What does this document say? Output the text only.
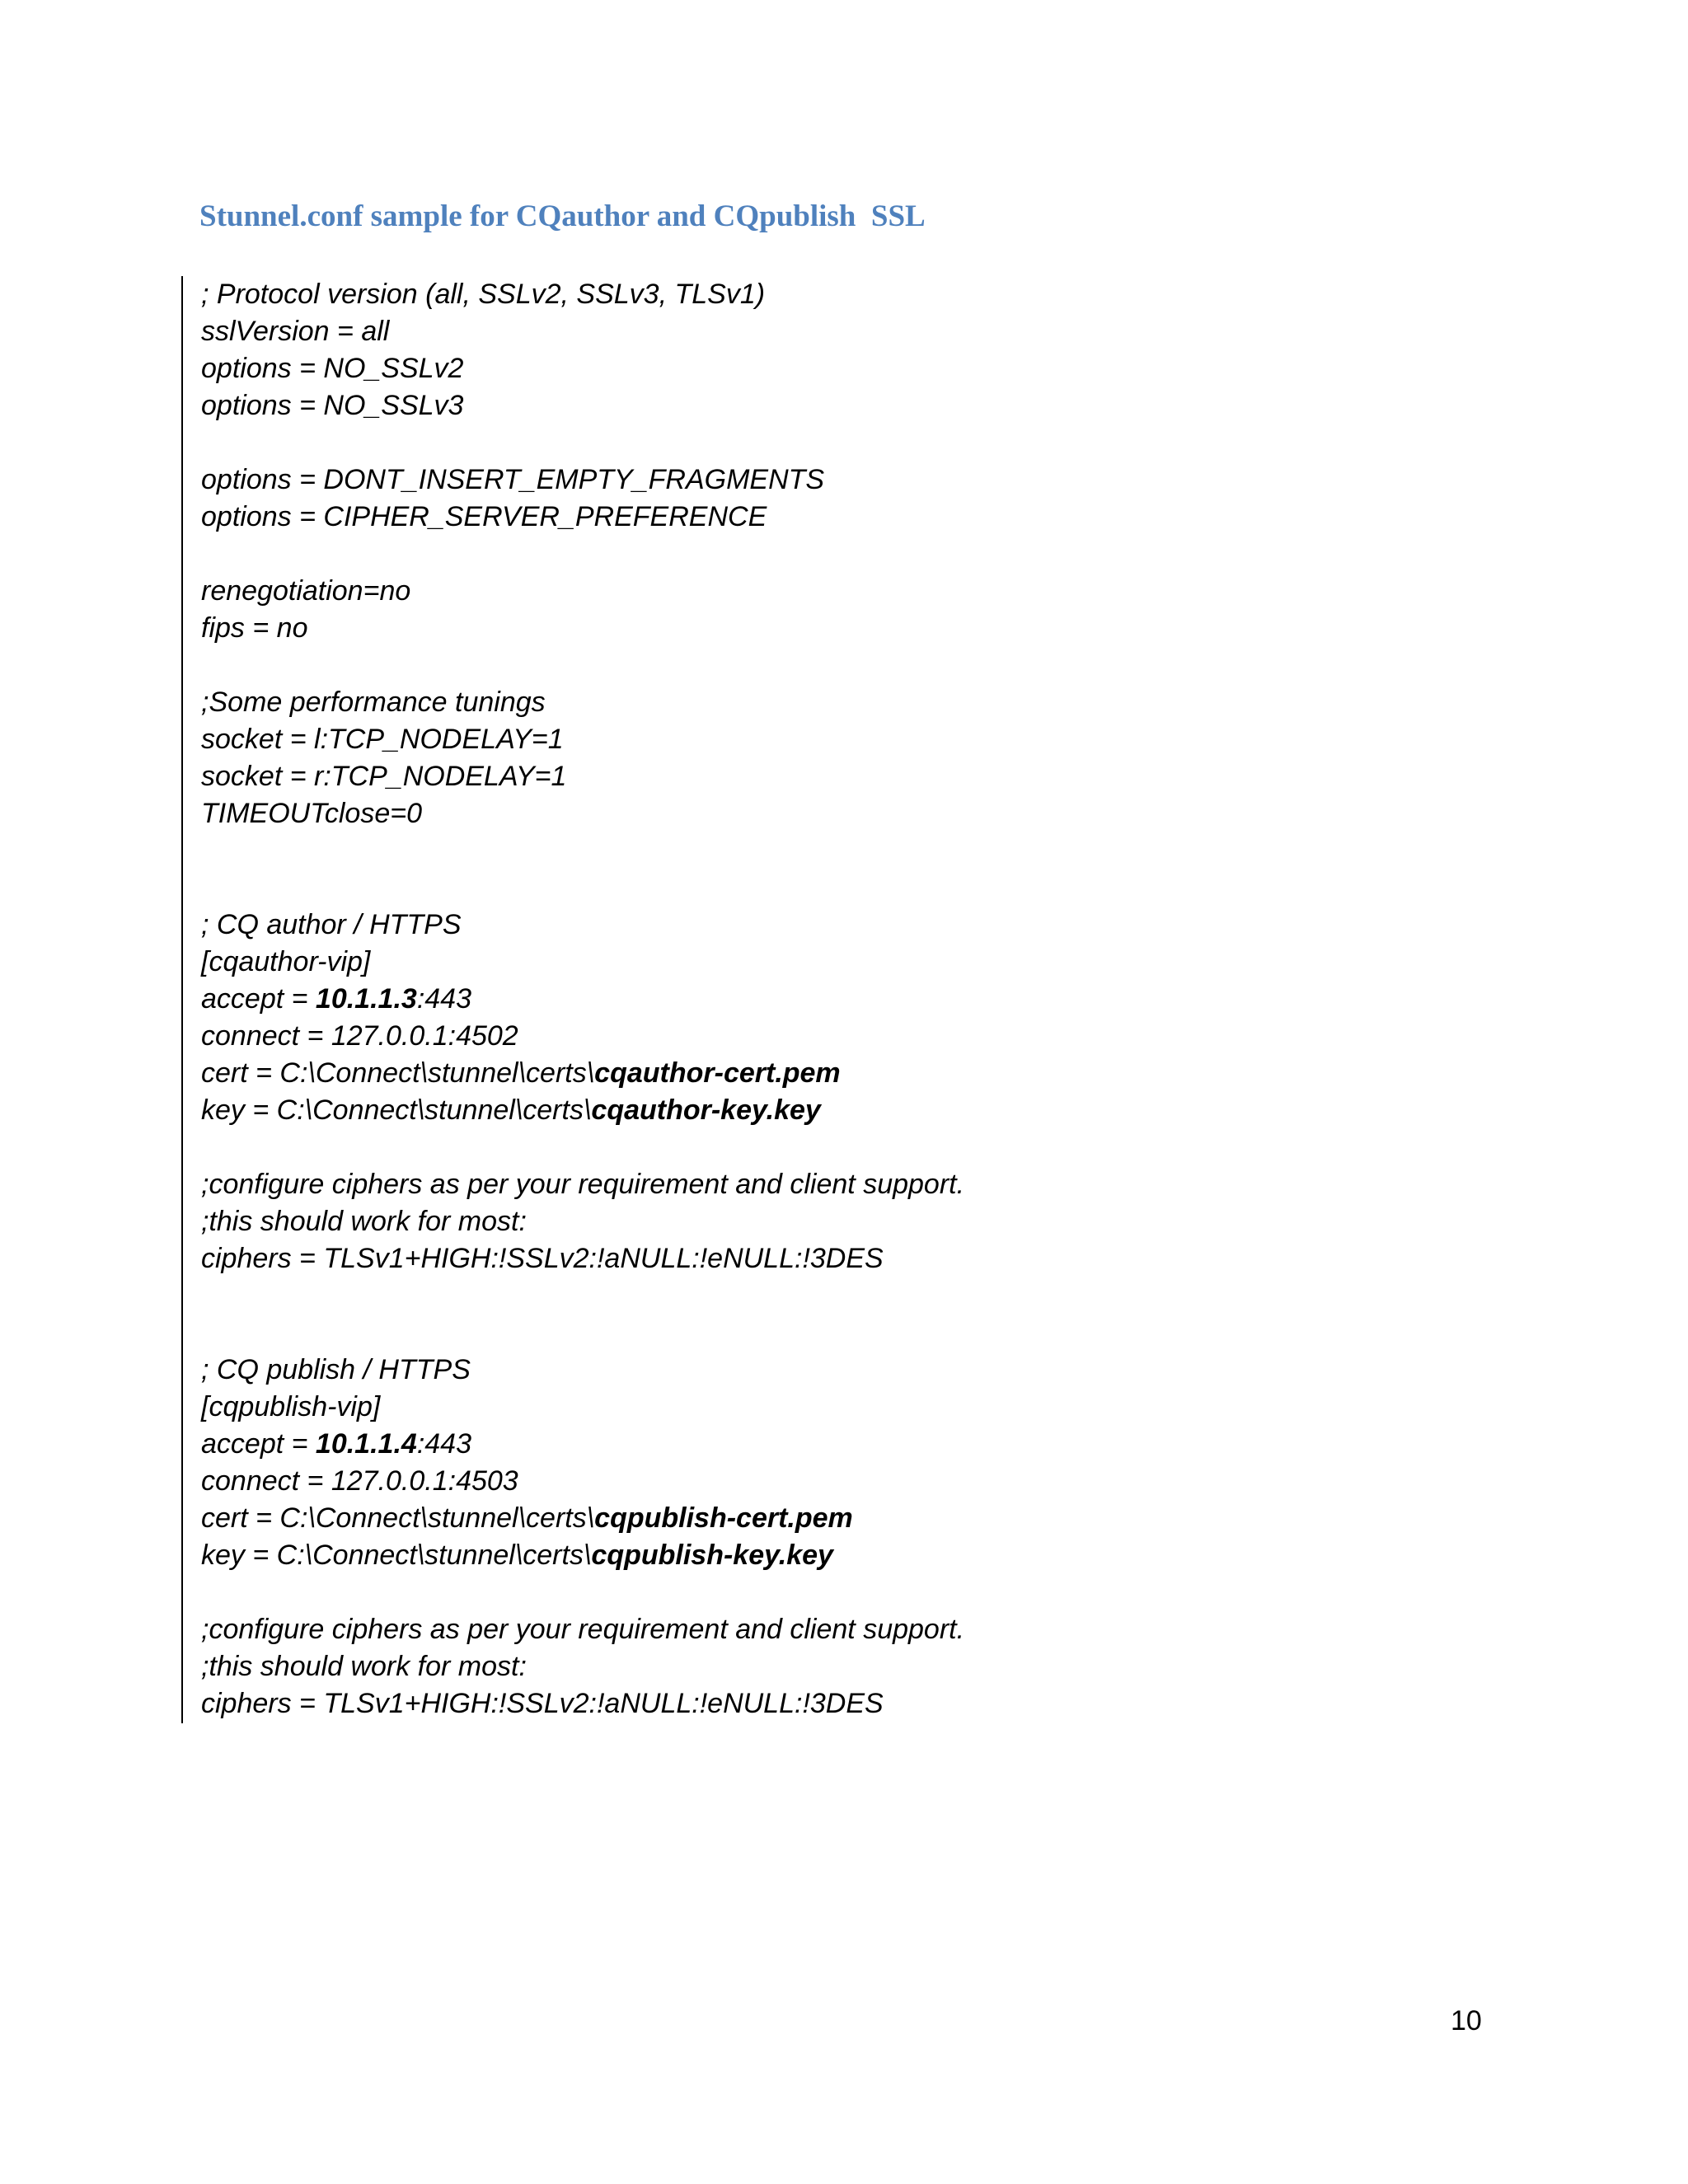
Stunnel.conf sample for CQauthor and CQpublish  SSL
; Protocol version (all, SSLv2, SSLv3, TLSv1)
sslVersion = all
options = NO_SSLv2
options = NO_SSLv3
options = DONT_INSERT_EMPTY_FRAGMENTS
options = CIPHER_SERVER_PREFERENCE
renegotiation=no
fips = no
;Some performance tunings
socket = l:TCP_NODELAY=1
socket = r:TCP_NODELAY=1
TIMEOUTclose=0
; CQ author / HTTPS
[cqauthor-vip]
accept = 10.1.1.3:443
connect = 127.0.0.1:4502
cert = C:\Connect\stunnel\certs\cqauthor-cert.pem
key = C:\Connect\stunnel\certs\cqauthor-key.key
;configure ciphers as per your requirement and client support.
;this should work for most:
ciphers = TLSv1+HIGH:!SSLv2:!aNULL:!eNULL:!3DES
; CQ publish / HTTPS
[cqpublish-vip]
accept = 10.1.1.4:443
connect = 127.0.0.1:4503
cert = C:\Connect\stunnel\certs\cqpublish-cert.pem
key = C:\Connect\stunnel\certs\cqpublish-key.key
;configure ciphers as per your requirement and client support.
;this should work for most:
ciphers = TLSv1+HIGH:!SSLv2:!aNULL:!eNULL:!3DES
10
